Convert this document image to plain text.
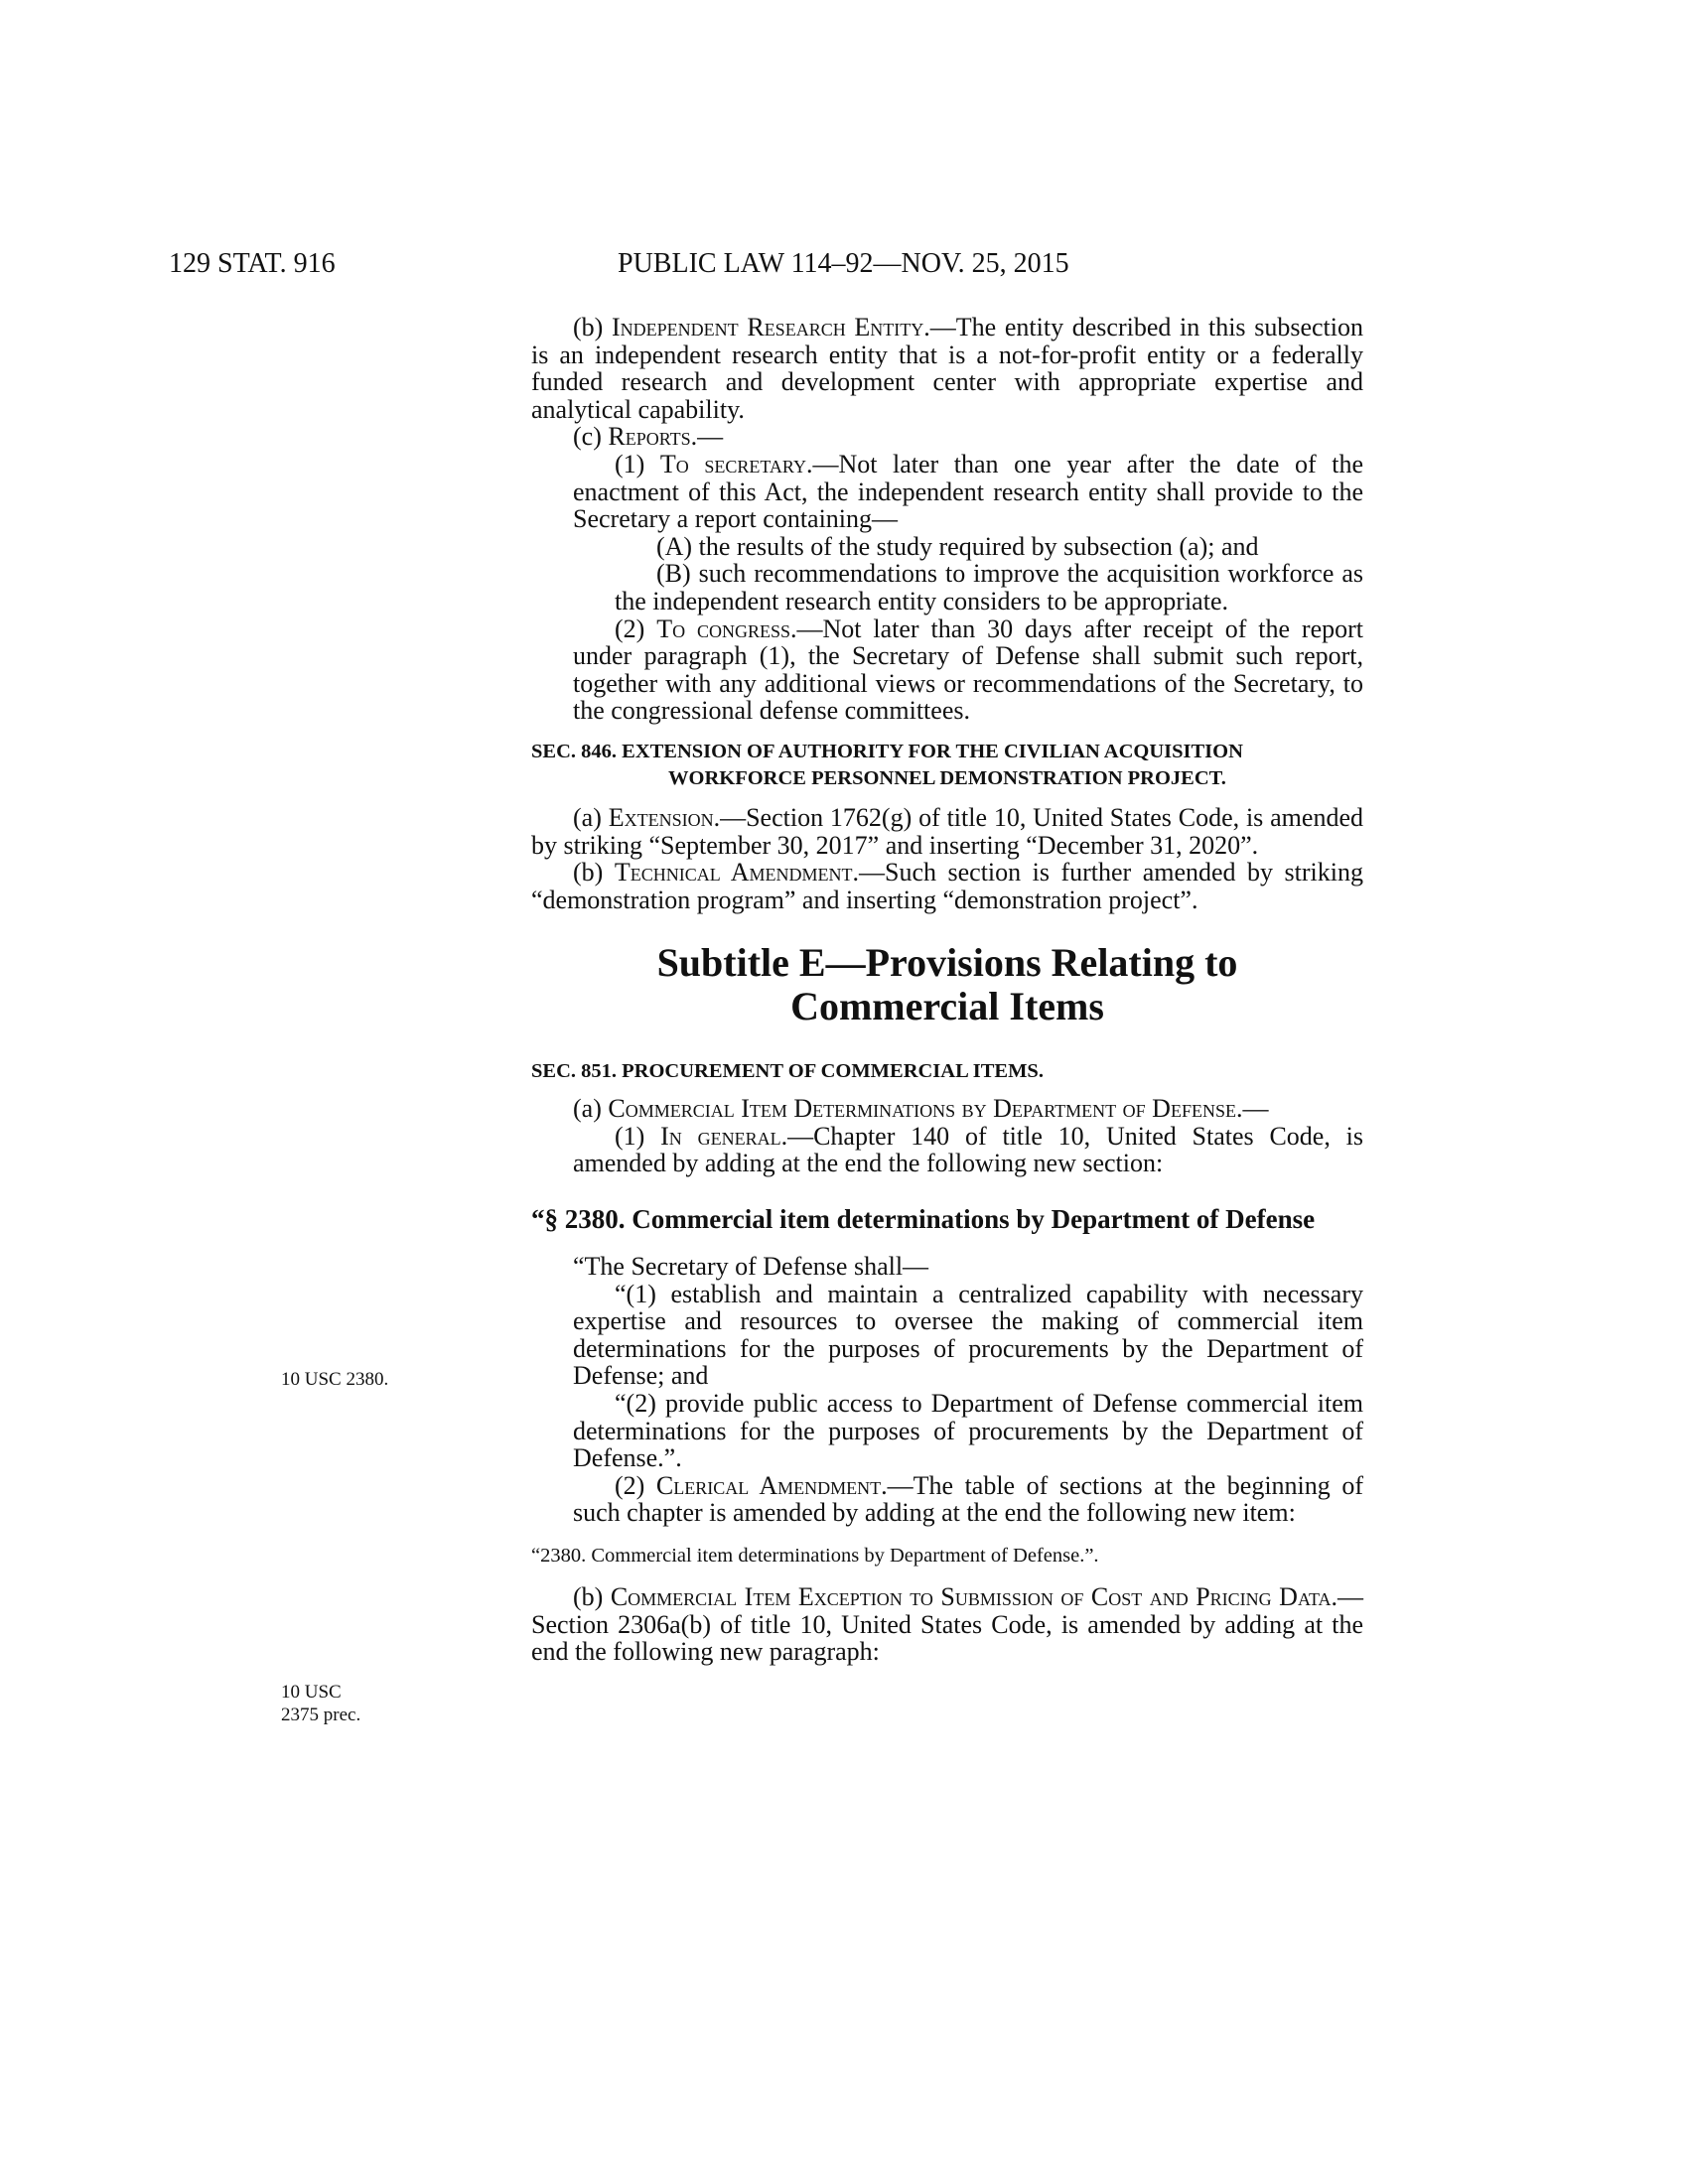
129 STAT. 916	PUBLIC LAW 114–92—NOV. 25, 2015
10 USC 2380.
10 USC
2375 prec.

(b) Independent Research Entity.—The entity described in this subsection is an independent research entity that is a not-for-profit entity or a federally funded research and development center with appropriate expertise and analytical capability.

(c) Reports.—

(1) To secretary.—Not later than one year after the date of the enactment of this Act, the independent research entity shall provide to the Secretary a report containing—

(A) the results of the study required by subsection (a); and

(B) such recommendations to improve the acquisition workforce as the independent research entity considers to be appropriate.

(2) To congress.—Not later than 30 days after receipt of the report under paragraph (1), the Secretary of Defense shall submit such report, together with any additional views or recommendations of the Secretary, to the congressional defense committees.

SEC. 846. EXTENSION OF AUTHORITY FOR THE CIVILIAN ACQUISITION WORKFORCE PERSONNEL DEMONSTRATION PROJECT.

(a) Extension.—Section 1762(g) of title 10, United States Code, is amended by striking “September 30, 2017” and inserting “December 31, 2020”.

(b) Technical Amendment.—Such section is further amended by striking “demonstration program” and inserting “demonstration project”.

Subtitle E—Provisions Relating to
Commercial Items

SEC. 851. PROCUREMENT OF COMMERCIAL ITEMS.

(a) Commercial Item Determinations by Department of Defense.—

(1) In general.—Chapter 140 of title 10, United States Code, is amended by adding at the end the following new section:

“§ 2380. Commercial item determinations by Department of Defense

“The Secretary of Defense shall—

“(1) establish and maintain a centralized capability with necessary expertise and resources to oversee the making of commercial item determinations for the purposes of procurements by the Department of Defense; and

“(2) provide public access to Department of Defense commercial item determinations for the purposes of procurements by the Department of Defense.”.

(2) Clerical Amendment.—The table of sections at the beginning of such chapter is amended by adding at the end the following new item:

“2380. Commercial item determinations by Department of Defense.”.

(b) Commercial Item Exception to Submission of Cost and Pricing Data.—Section 2306a(b) of title 10, United States Code, is amended by adding at the end the following new paragraph:
